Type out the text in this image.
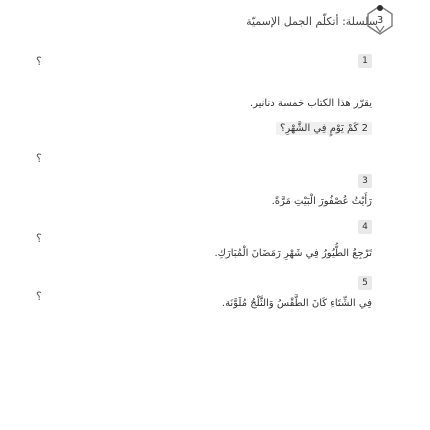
سلسلة: أتكلّم الجمل الإسميّة
3
1
؟
يقرّر هذا الكتاب خمسة دنانير.
2 كَمْ يَوْمٍ فِي الشَّهْرِ؟
3
؟
رَأَيْتُ عُصْفُورَ الْبَيْتِ مَرَّةً.
4
؟
تَرْجِعُ الطُّيُورُ فِي شَهْرِ رَمَضَانَ الْمُبَارَكِ.
5
؟
فِي الشِّتَاءِ كَانَ الطَّقْسُ وَالثَّلْجُ مُلَوَّنَة.
